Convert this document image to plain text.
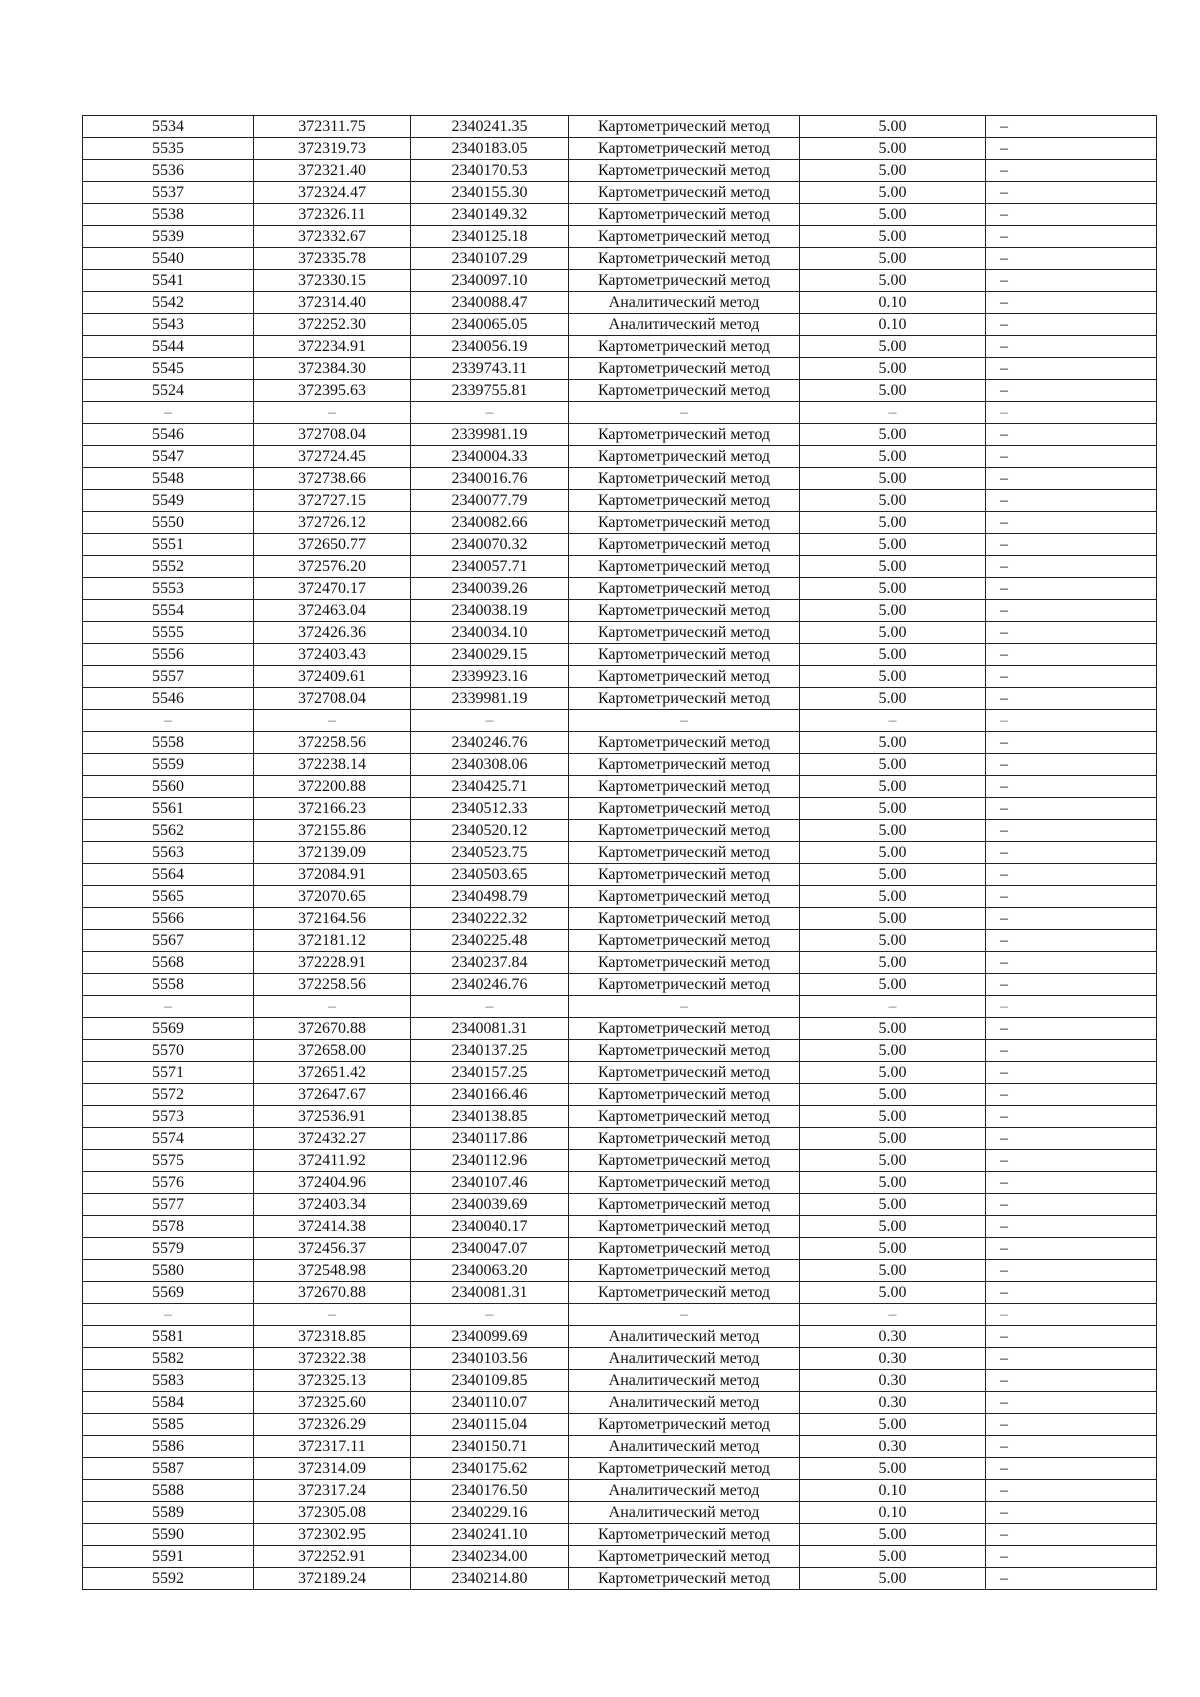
5534	372311.75	2340241.35	Картометрический метод	5.00	–
5535	372319.73	2340183.05	Картометрический метод	5.00	–
5536	372321.40	2340170.53	Картометрический метод	5.00	–
5537	372324.47	2340155.30	Картометрический метод	5.00	–
5538	372326.11	2340149.32	Картометрический метод	5.00	–
5539	372332.67	2340125.18	Картометрический метод	5.00	–
5540	372335.78	2340107.29	Картометрический метод	5.00	–
5541	372330.15	2340097.10	Картометрический метод	5.00	–
5542	372314.40	2340088.47	Аналитический метод	0.10	–
5543	372252.30	2340065.05	Аналитический метод	0.10	–
5544	372234.91	2340056.19	Картометрический метод	5.00	–
5545	372384.30	2339743.11	Картометрический метод	5.00	–
5524	372395.63	2339755.81	Картометрический метод	5.00	–
–	–	–	–	–	–
5546	372708.04	2339981.19	Картометрический метод	5.00	–
5547	372724.45	2340004.33	Картометрический метод	5.00	–
5548	372738.66	2340016.76	Картометрический метод	5.00	–
5549	372727.15	2340077.79	Картометрический метод	5.00	–
5550	372726.12	2340082.66	Картометрический метод	5.00	–
5551	372650.77	2340070.32	Картометрический метод	5.00	–
5552	372576.20	2340057.71	Картометрический метод	5.00	–
5553	372470.17	2340039.26	Картометрический метод	5.00	–
5554	372463.04	2340038.19	Картометрический метод	5.00	–
5555	372426.36	2340034.10	Картометрический метод	5.00	–
5556	372403.43	2340029.15	Картометрический метод	5.00	–
5557	372409.61	2339923.16	Картометрический метод	5.00	–
5546	372708.04	2339981.19	Картометрический метод	5.00	–
–	–	–	–	–	–
5558	372258.56	2340246.76	Картометрический метод	5.00	–
5559	372238.14	2340308.06	Картометрический метод	5.00	–
5560	372200.88	2340425.71	Картометрический метод	5.00	–
5561	372166.23	2340512.33	Картометрический метод	5.00	–
5562	372155.86	2340520.12	Картометрический метод	5.00	–
5563	372139.09	2340523.75	Картометрический метод	5.00	–
5564	372084.91	2340503.65	Картометрический метод	5.00	–
5565	372070.65	2340498.79	Картометрический метод	5.00	–
5566	372164.56	2340222.32	Картометрический метод	5.00	–
5567	372181.12	2340225.48	Картометрический метод	5.00	–
5568	372228.91	2340237.84	Картометрический метод	5.00	–
5558	372258.56	2340246.76	Картометрический метод	5.00	–
–	–	–	–	–	–
5569	372670.88	2340081.31	Картометрический метод	5.00	–
5570	372658.00	2340137.25	Картометрический метод	5.00	–
5571	372651.42	2340157.25	Картометрический метод	5.00	–
5572	372647.67	2340166.46	Картометрический метод	5.00	–
5573	372536.91	2340138.85	Картометрический метод	5.00	–
5574	372432.27	2340117.86	Картометрический метод	5.00	–
5575	372411.92	2340112.96	Картометрический метод	5.00	–
5576	372404.96	2340107.46	Картометрический метод	5.00	–
5577	372403.34	2340039.69	Картометрический метод	5.00	–
5578	372414.38	2340040.17	Картометрический метод	5.00	–
5579	372456.37	2340047.07	Картометрический метод	5.00	–
5580	372548.98	2340063.20	Картометрический метод	5.00	–
5569	372670.88	2340081.31	Картометрический метод	5.00	–
–	–	–	–	–	–
5581	372318.85	2340099.69	Аналитический метод	0.30	–
5582	372322.38	2340103.56	Аналитический метод	0.30	–
5583	372325.13	2340109.85	Аналитический метод	0.30	–
5584	372325.60	2340110.07	Аналитический метод	0.30	–
5585	372326.29	2340115.04	Картометрический метод	5.00	–
5586	372317.11	2340150.71	Аналитический метод	0.30	–
5587	372314.09	2340175.62	Картометрический метод	5.00	–
5588	372317.24	2340176.50	Аналитический метод	0.10	–
5589	372305.08	2340229.16	Аналитический метод	0.10	–
5590	372302.95	2340241.10	Картометрический метод	5.00	–
5591	372252.91	2340234.00	Картометрический метод	5.00	–
5592	372189.24	2340214.80	Картометрический метод	5.00	–
